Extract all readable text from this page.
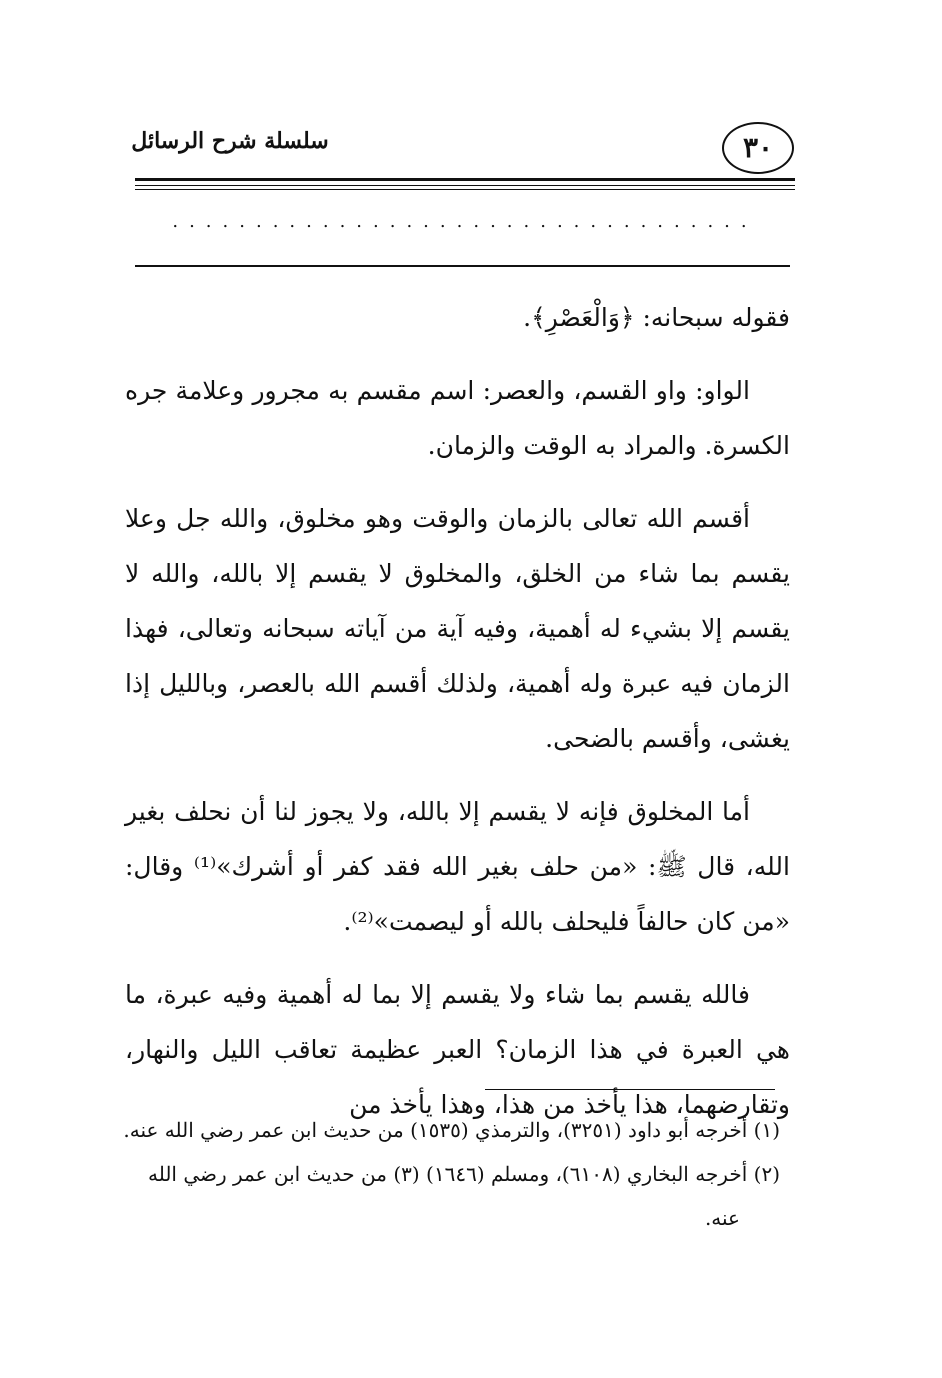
٣٠
سلسلة شرح الرسائل
...................................

فقوله سبحانه: ﴿وَالْعَصْرِ﴾.

الواو: واو القسم، والعصر: اسم مقسم به مجرور وعلامة جره الكسرة. والمراد به الوقت والزمان.

أقسم الله تعالى بالزمان والوقت وهو مخلوق، والله جل وعلا يقسم بما شاء من الخلق، والمخلوق لا يقسم إلا بالله، والله لا يقسم إلا بشيء له أهمية، وفيه آية من آياته سبحانه وتعالى، فهذا الزمان فيه عبرة وله أهمية، ولذلك أقسم الله بالعصر، وبالليل إذا يغشى، وأقسم بالضحى.

أما المخلوق فإنه لا يقسم إلا بالله، ولا يجوز لنا أن نحلف بغير الله، قال ﷺ: «من حلف بغير الله فقد كفر أو أشرك»⁽¹⁾ وقال: «من كان حالفاً فليحلف بالله أو ليصمت»⁽²⁾.

فالله يقسم بما شاء ولا يقسم إلا بما له أهمية وفيه عبرة، ما هي العبرة في هذا الزمان؟ العبر عظيمة تعاقب الليل والنهار، وتقارضهما، هذا يأخذ من هذا، وهذا يأخذ من

(١) أخرجه أبو داود (٣٢٥١)، والترمذي (١٥٣٥) من حديث ابن عمر رضي الله عنه.

(٢) أخرجه البخاري (٦١٠٨)، ومسلم (١٦٤٦) (٣) من حديث ابن عمر رضي الله عنه.
